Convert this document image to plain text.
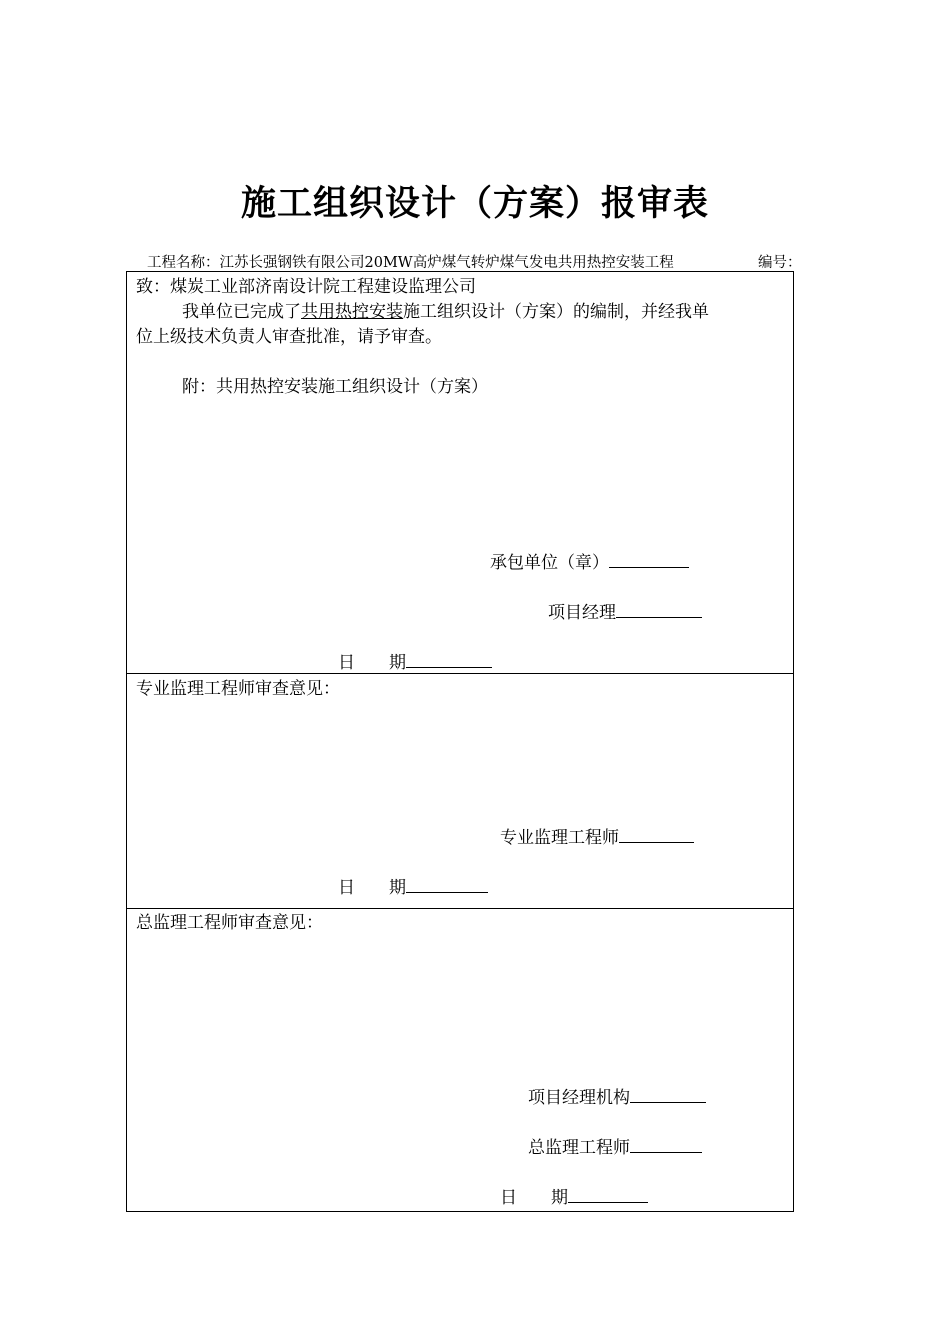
施工组织设计（方案）报审表
工程名称：江苏长强钢铁有限公司20MW高炉煤气转炉煤气发电共用热控安装工程	编号：
致：煤炭工业部济南设计院工程建设监理公司
我单位已完成了共用热控安装施工组织设计（方案）的编制，并经我单
位上级技术负责人审查批准，请予审查。
附：共用热控安装施工组织设计（方案）
承包单位（章）
项目经理
日　　期
专业监理工程师审查意见：
专业监理工程师
日　　期
总监理工程师审查意见：
项目经理机构
总监理工程师
日　　期
